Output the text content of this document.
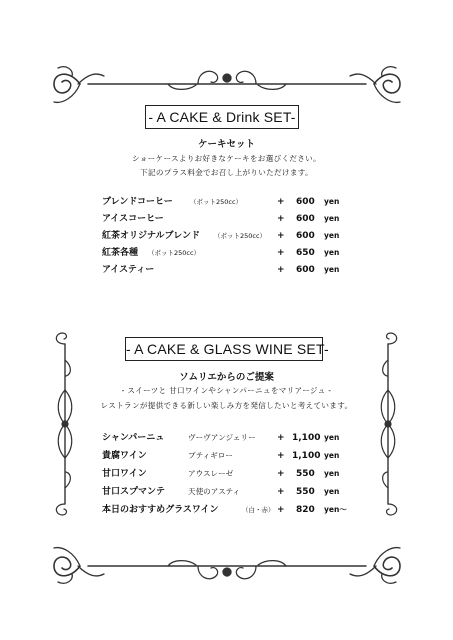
- A CAKE & Drink SET-
ケーキセット
ショーケースよりお好きなケーキをお選びください。
下記のプラス料金でお召し上がりいただけます。
ブレンドコーヒー	（ポット250cc）	+ 600 yen
アイスコーヒー	+ 600 yen
紅茶オリジナルブレンド （ポット250cc） + 600 yen
紅茶各種 （ポット250cc）	+ 650 yen
アイスティー	+ 600 yen
- A CAKE & GLASS WINE SET-
ソムリエからのご提案
- スイーツと 甘口ワインやシャンパーニュをマリアージュ -
レストランが提供できる新しい楽しみ方を発信したいと考えています。
シャンパーニュ	ヴーヴアンジェリー + 1,100 yen
貴腐ワイン	ブティギロー	+ 1,100 yen
甘口ワイン	アウスレーゼ	+ 550 yen
甘口スプマンテ	天使のアスティ	+ 550 yen
本日のおすすめグラスワイン	（白・赤） + 820 yen〜
